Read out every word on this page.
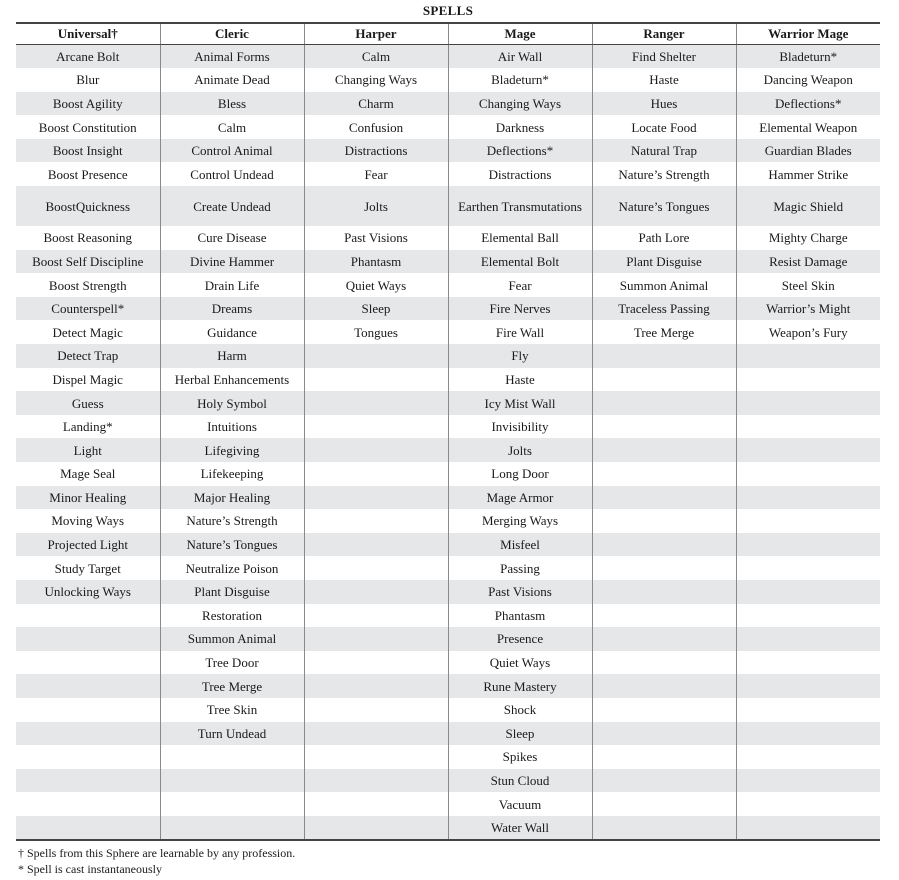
SPELLS
Universal†	Cleric	Harper	Mage	Ranger	Warrior Mage
Arcane Bolt	Animal Forms	Calm	Air Wall	Find Shelter	Bladeturn*
Blur	Animate Dead	Changing Ways	Bladeturn*	Haste	Dancing Weapon
Boost Agility	Bless	Charm	Changing Ways	Hues	Deflections*
Boost Constitution	Calm	Confusion	Darkness	Locate Food	Elemental Weapon
Boost Insight	Control Animal	Distractions	Deflections*	Natural Trap	Guardian Blades
Boost Presence	Control Undead	Fear	Distractions	Nature’s Strength	Hammer Strike
BoostQuickness	Create Undead	Jolts	Earthen Transmutations	Nature’s Tongues	Magic Shield
Boost Reasoning	Cure Disease	Past Visions	Elemental Ball	Path Lore	Mighty Charge
Boost Self Discipline	Divine Hammer	Phantasm	Elemental Bolt	Plant Disguise	Resist Damage
Boost Strength	Drain Life	Quiet Ways	Fear	Summon Animal	Steel Skin
Counterspell*	Dreams	Sleep	Fire Nerves	Traceless Passing	Warrior’s Might
Detect Magic	Guidance	Tongues	Fire Wall	Tree Merge	Weapon’s Fury
Detect Trap	Harm		Fly		
Dispel Magic	Herbal Enhancements		Haste		
Guess	Holy Symbol		Icy Mist Wall		
Landing*	Intuitions		Invisibility		
Light	Lifegiving		Jolts		
Mage Seal	Lifekeeping		Long Door		
Minor Healing	Major Healing		Mage Armor		
Moving Ways	Nature’s Strength		Merging Ways		
Projected Light	Nature’s Tongues		Misfeel		
Study Target	Neutralize Poison		Passing		
Unlocking Ways	Plant Disguise		Past Visions		
	Restoration		Phantasm		
	Summon Animal		Presence		
	Tree Door		Quiet Ways		
	Tree Merge		Rune Mastery		
	Tree Skin		Shock		
	Turn Undead		Sleep		
			Spikes		
			Stun Cloud		
			Vacuum		
			Water Wall		
† Spells from this Sphere are learnable by any profession.
* Spell is cast instantaneously
